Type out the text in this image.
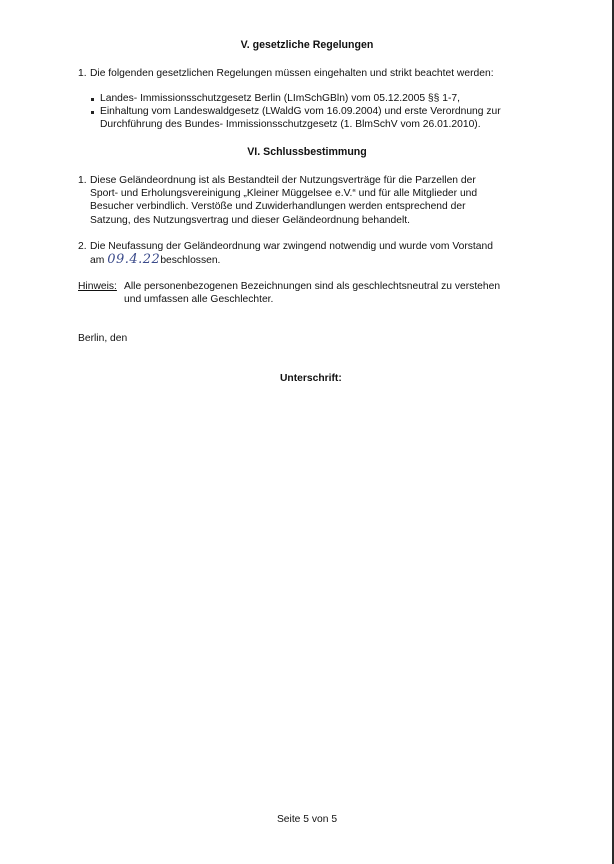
V. gesetzliche Regelungen
1. Die folgenden gesetzlichen Regelungen müssen eingehalten und strikt beachtet werden:
Landes- Immissionsschutzgesetz Berlin (LImSchGBln) vom 05.12.2005 §§ 1-7,
Einhaltung vom Landeswaldgesetz (LWaldG vom 16.09.2004) und erste Verordnung zur
Durchführung des Bundes- Immissionsschutzgesetz (1. BlmSchV vom 26.01.2010).
VI. Schlussbestimmung
1. Diese Geländeordnung ist als Bestandteil der Nutzungsverträge für die Parzellen der
Sport- und Erholungsvereinigung „Kleiner Müggelsee e.V.“ und für alle Mitglieder und
Besucher verbindlich. Verstöße und Zuwiderhandlungen werden entsprechend der
Satzung, des Nutzungsvertrag und dieser Geländeordnung behandelt.
2. Die Neufassung der Geländeordnung war zwingend notwendig und wurde vom Vorstand
am 09.4.22beschlossen.
Hinweis: Alle personenbezogenen Bezeichnungen sind als geschlechtsneutral zu verstehen
und umfassen alle Geschlechter.
Berlin, den
Unterschrift:
Seite 5 von 5
